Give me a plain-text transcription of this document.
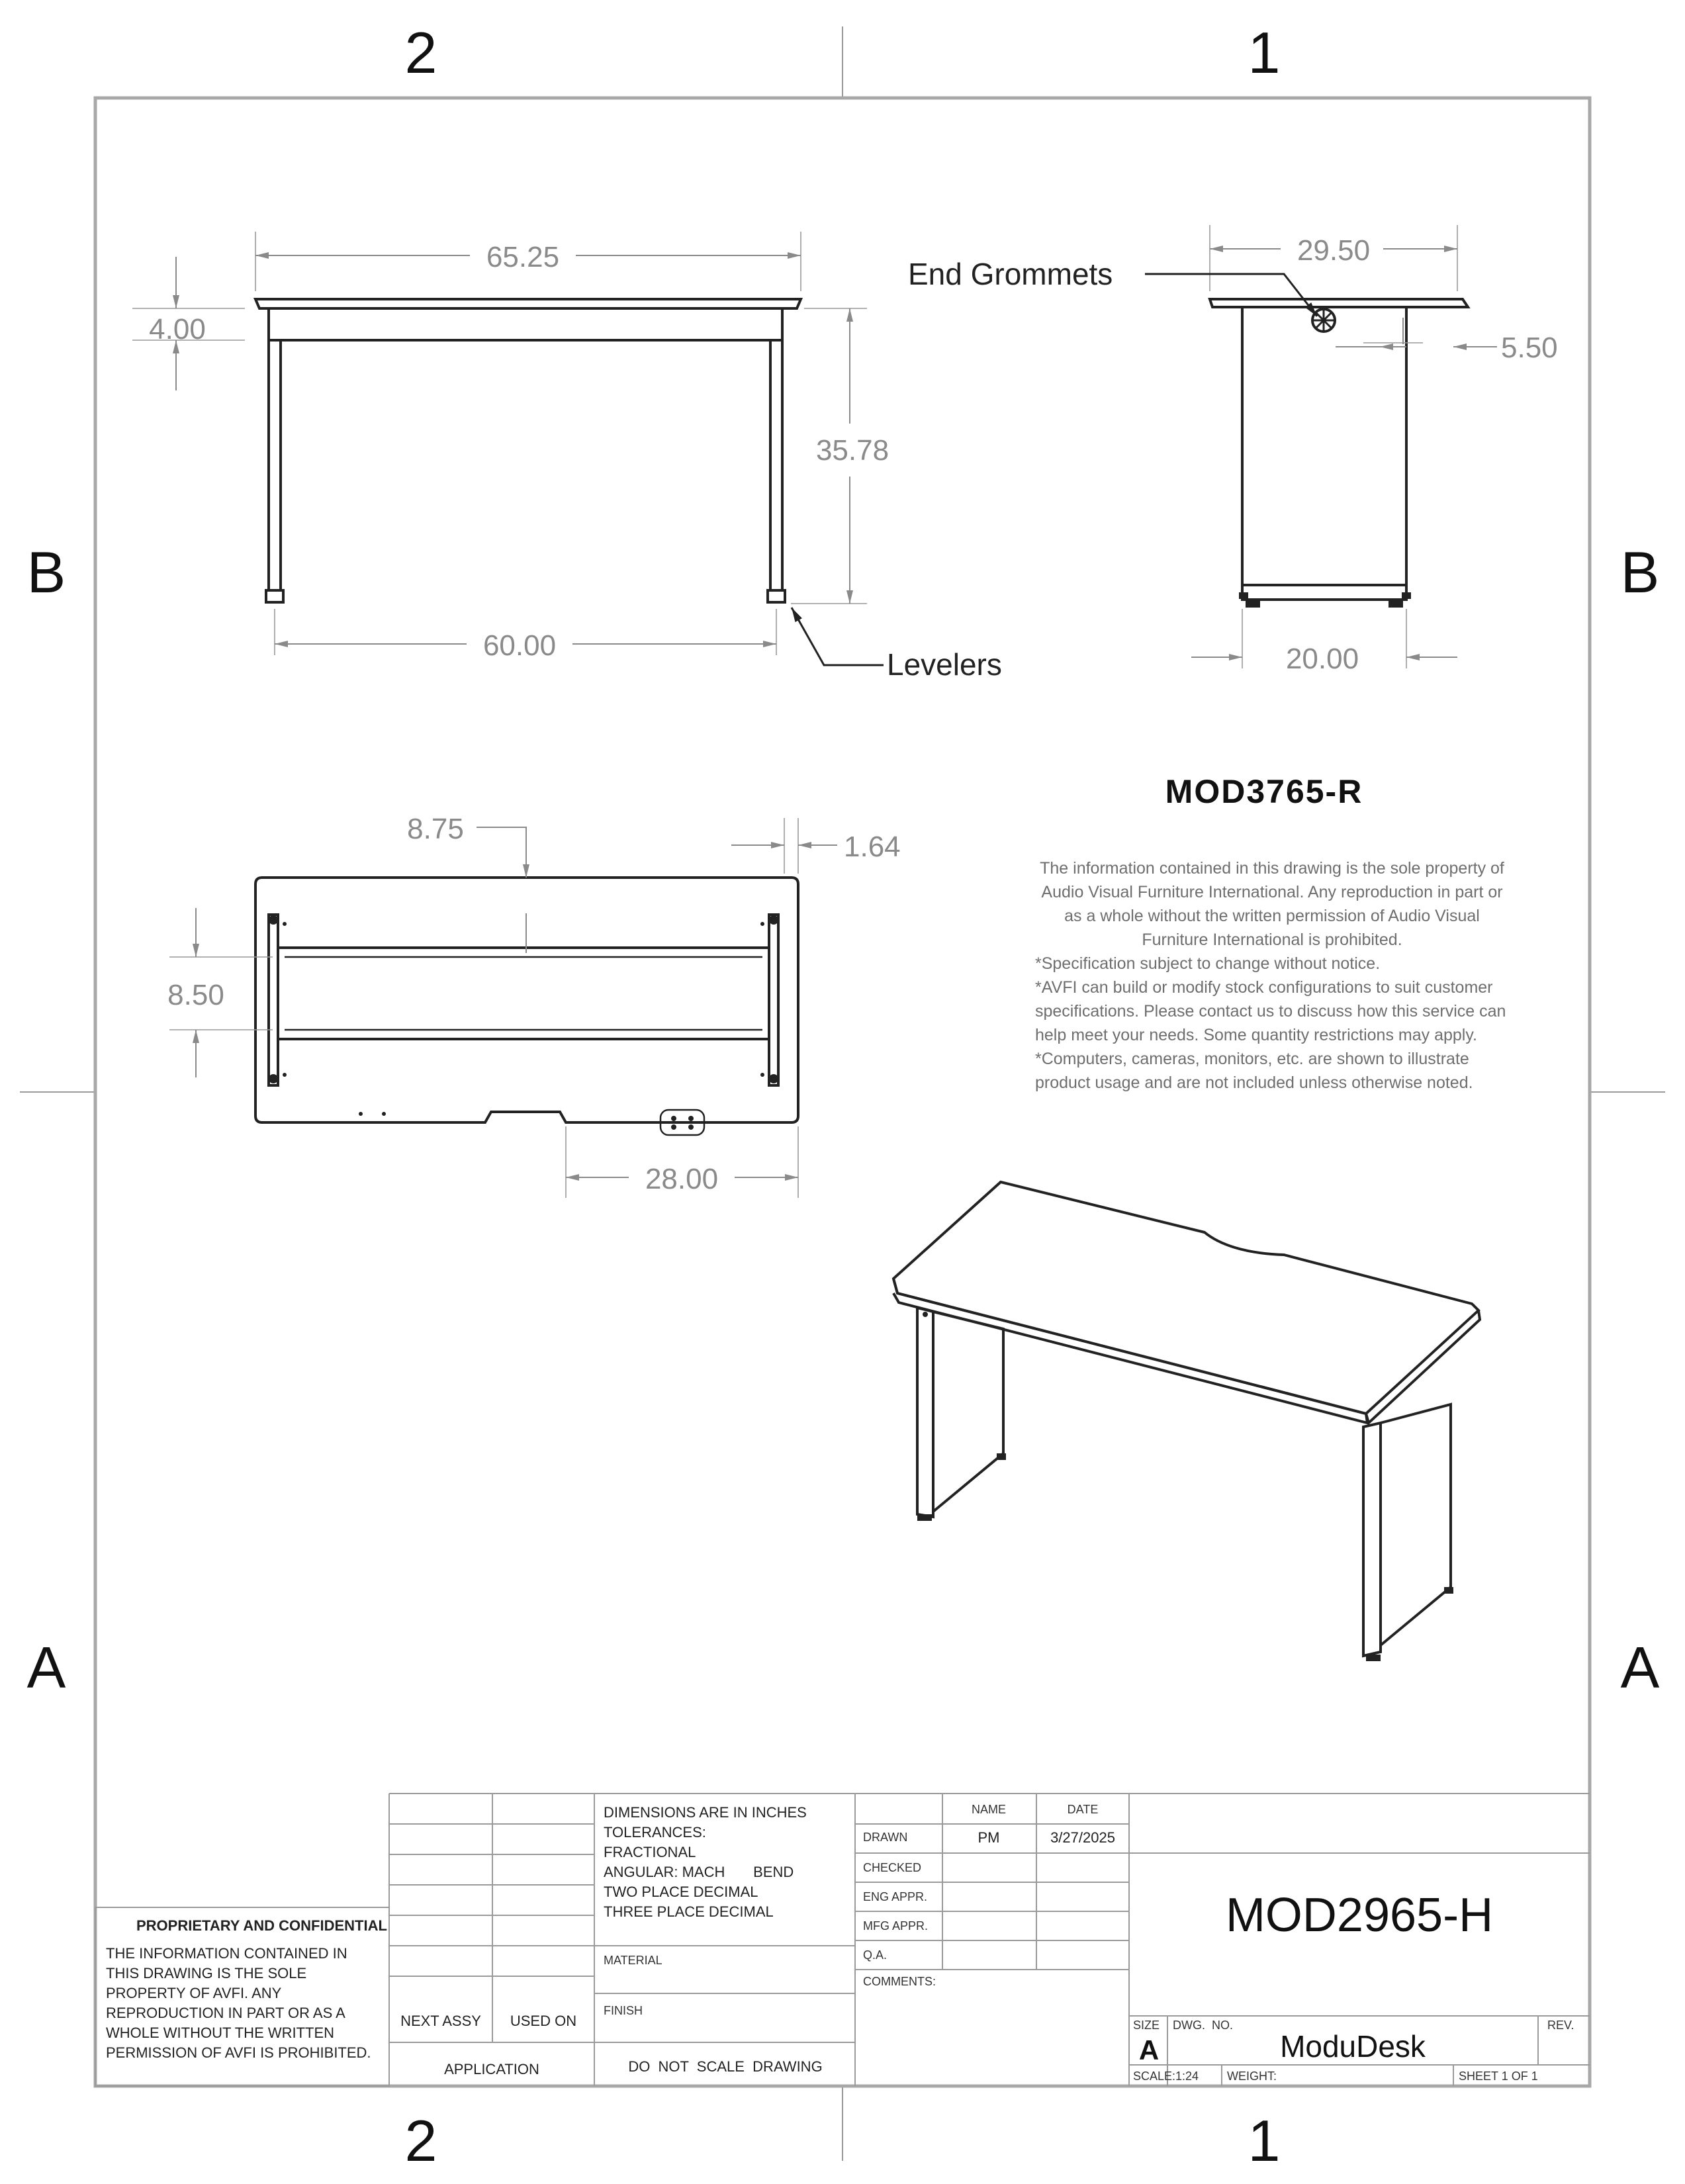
2	1
2	1
B
A
B
A
65.25
4.00
35.78
60.00
Levelers
29.50
End Grommets
5.50
20.00
8.75
1.64
8.50
28.00
MOD3765-R
The information contained in this drawing is the sole property of
Audio Visual Furniture International. Any reproduction in part or
as a whole without the written permission of Audio Visual
Furniture International is prohibited.
*Specification subject to change without notice.
*AVFI can build or modify stock configurations to suit customer
specifications. Please contact us to discuss how this service can
help meet your needs. Some quantity restrictions may apply.
*Computers, cameras, monitors, etc. are shown to illustrate
product usage and are not included unless otherwise noted.
PROPRIETARY AND CONFIDENTIAL
THE INFORMATION CONTAINED IN
THIS DRAWING IS THE SOLE
PROPERTY OF AVFI. ANY
REPRODUCTION IN PART OR AS A
WHOLE WITHOUT THE WRITTEN
PERMISSION OF AVFI IS PROHIBITED.
NEXT ASSY USED ON
APPLICATION
DIMENSIONS ARE IN INCHES
TOLERANCES:
FRACTIONAL
ANGULAR: MACH       BEND
TWO PLACE DECIMAL
THREE PLACE DECIMAL
MATERIAL
FINISH
DO  NOT  SCALE  DRAWING
NAME	DATE
DRAWN	PM	3/27/2025
CHECKED
ENG APPR.
MFG APPR.
Q.A.
COMMENTS:
MOD2965-H
SIZE
A
DWG.  NO.
ModuDesk
REV.
SCALE:1:24 WEIGHT:	SHEET 1 OF 1
